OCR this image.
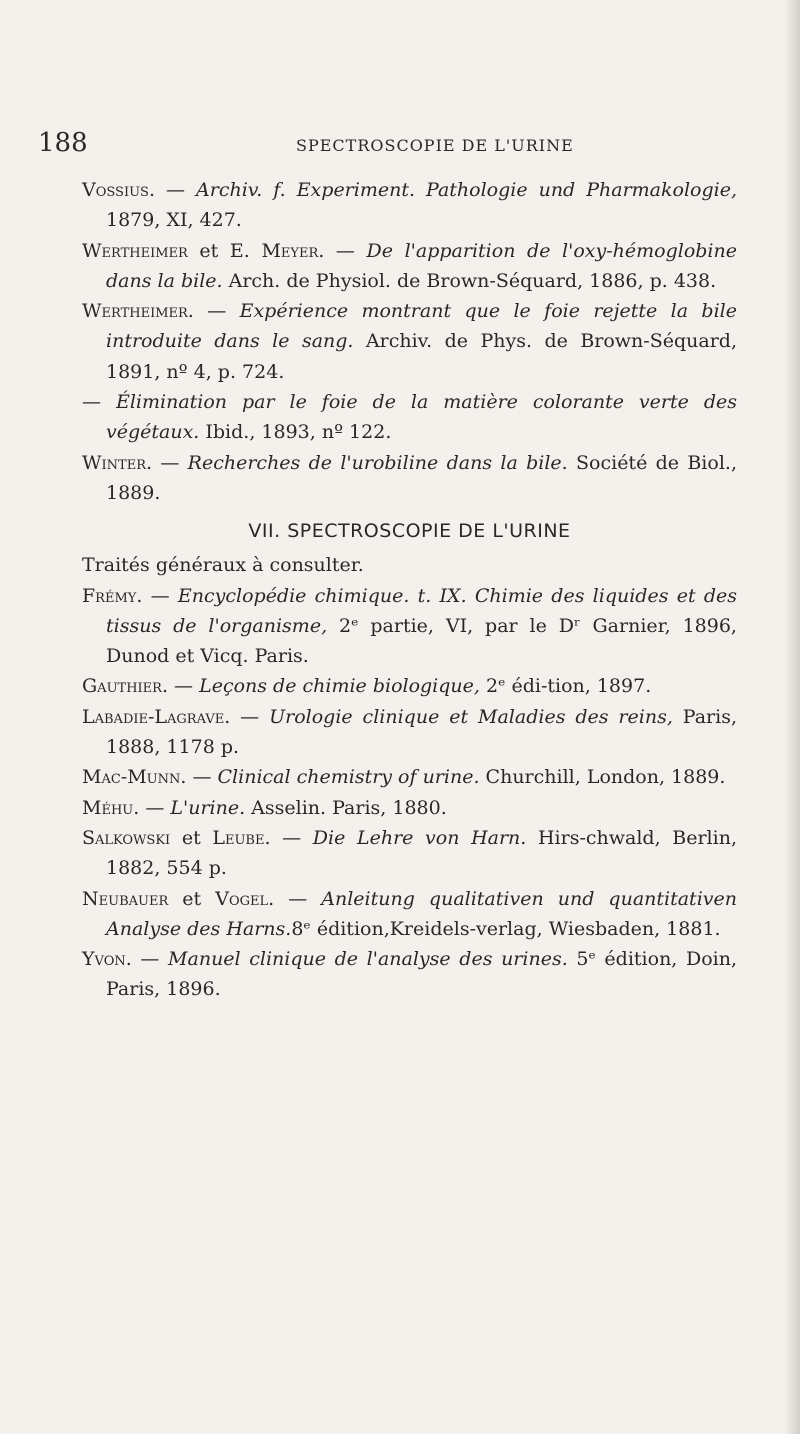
188	SPECTROSCOPIE DE L'URINE

Vossius. — Archiv. f. Experiment. Pathologie und Pharmakologie, 1879, XI, 427.

Wertheimer et E. Meyer. — De l'apparition de l'oxy-hémoglobine dans la bile. Arch. de Physiol. de Brown-Séquard, 1886, p. 438.

Wertheimer. — Expérience montrant que le foie rejette la bile introduite dans le sang. Archiv. de Phys. de Brown-Séquard, 1891, nº 4, p. 724.

— Élimination par le foie de la matière colorante verte des végétaux. Ibid., 1893, nº 122.

Winter. — Recherches de l'urobiline dans la bile. Société de Biol., 1889.

VII. SPECTROSCOPIE DE L'URINE

Traités généraux à consulter.

Frémy. — Encyclopédie chimique. t. IX. Chimie des liquides et des tissus de l'organisme, 2ᵉ partie, VI, par le Dʳ Garnier, 1896, Dunod et Vicq. Paris.

Gauthier. — Leçons de chimie biologique, 2ᵉ édi-tion, 1897.

Labadie-Lagrave. — Urologie clinique et Maladies des reins, Paris, 1888, 1178 p.

Mac-Munn. — Clinical chemistry of urine. Churchill, London, 1889.

Méhu. — L'urine. Asselin. Paris, 1880.

Salkowski et Leube. — Die Lehre von Harn. Hirs-chwald, Berlin, 1882, 554 p.

Neubauer et Vogel. — Anleitung qualitativen und quantitativen Analyse des Harns.8ᵉ édition,Kreidels-verlag, Wiesbaden, 1881.

Yvon. — Manuel clinique de l'analyse des urines. 5ᵉ édition, Doin, Paris, 1896.
